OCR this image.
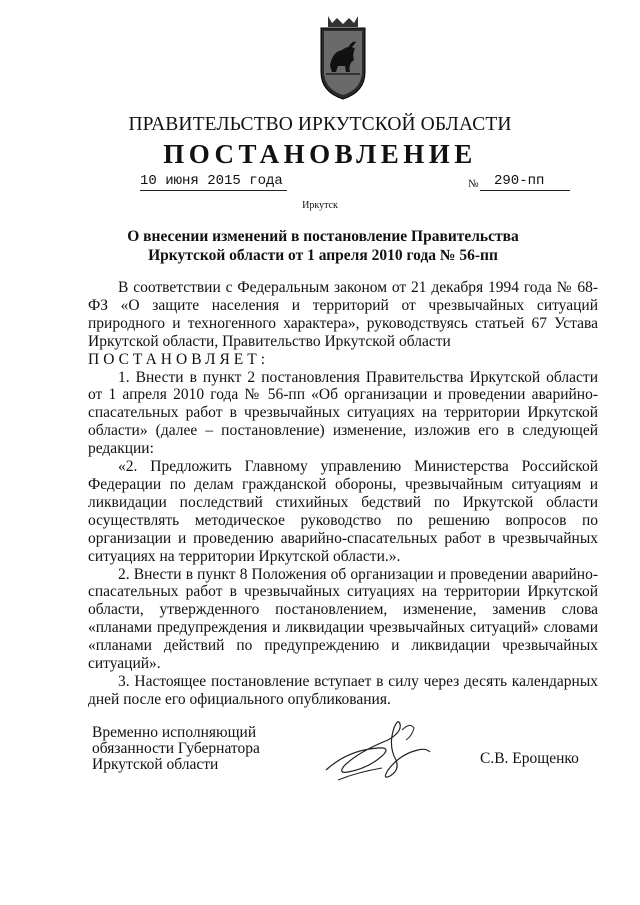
ПРАВИТЕЛЬСТВО ИРКУТСКОЙ ОБЛАСТИ
ПОСТАНОВЛЕНИЕ
10 июня 2015 года	№	290-пп
Иркутск
О внесении изменений в постановление Правительства Иркутской области от 1 апреля 2010 года № 56-пп

В соответствии с Федеральным законом от 21 декабря 1994 года № 68-ФЗ «О защите населения и территорий от чрезвычайных ситуаций природного и техногенного характера», руководствуясь статьей 67 Устава Иркутской области, Правительство Иркутской области

ПОСТАНОВЛЯЕТ:

1. Внести в пункт 2 постановления Правительства Иркутской области от 1 апреля 2010 года № 56-пп «Об организации и проведении аварийно-спасательных работ в чрезвычайных ситуациях на территории Иркутской области» (далее – постановление) изменение, изложив его в следующей редакции:

«2. Предложить Главному управлению Министерства Российской Федерации по делам гражданской обороны, чрезвычайным ситуациям и ликвидации последствий стихийных бедствий по Иркутской области осуществлять методическое руководство по решению вопросов по организации и проведению аварийно-спасательных работ в чрезвычайных ситуациях на территории Иркутской области.».

2. Внести в пункт 8 Положения об организации и проведении аварийно-спасательных работ в чрезвычайных ситуациях на территории Иркутской области, утвержденного постановлением, изменение, заменив слова «планами предупреждения и ликвидации чрезвычайных ситуаций» словами «планами действий по предупреждению и ликвидации чрезвычайных ситуаций».

3. Настоящее постановление вступает в силу через десять календарных дней после его официального опубликования.

Временно исполняющий
обязанности Губернатора
Иркутской области	С.В. Ерощенко
